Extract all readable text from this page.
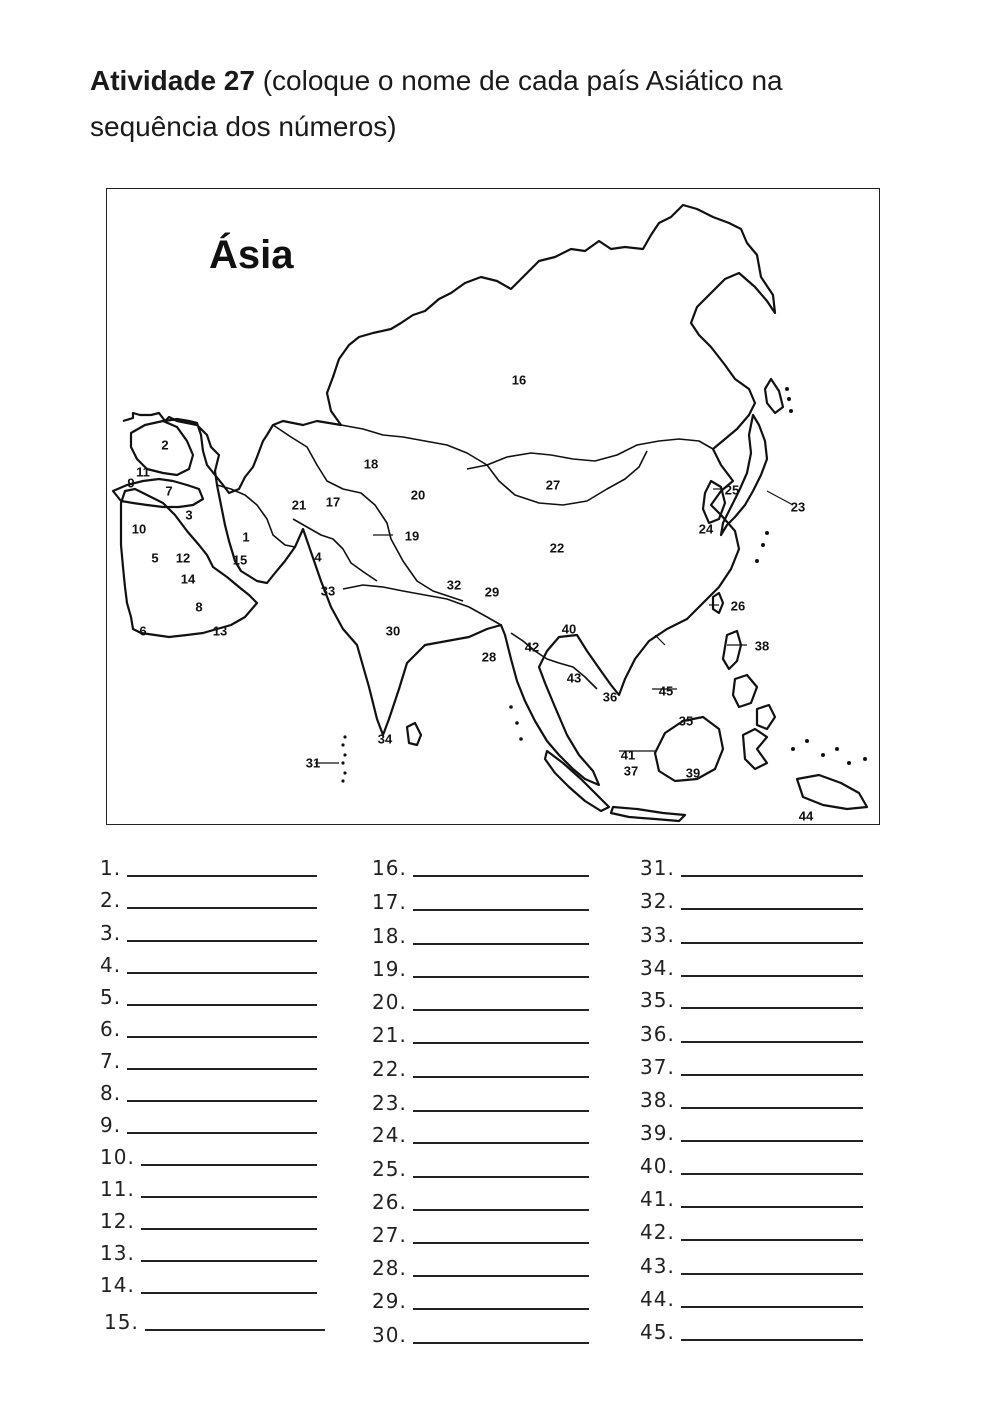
Atividade 27 (coloque o nome de cada país Asiático na sequência dos números)
Ásia
1
2
3
4
5
6
7
8
9
10
11
12
13
14
15
16
17
18
19
20
21
22
23
24
25
26
27
28
29
30
31
32
33
34
35
36
37
38
39
40
41
42
43
44
45
1.
2.
3.
4.
5.
6.
7.
8.
9.
10.
11.
12.
13.
14.
15.
16.
17.
18.
19.
20.
21.
22.
23.
24.
25.
26.
27.
28.
29.
30.
31.
32.
33.
34.
35.
36.
37.
38.
39.
40.
41.
42.
43.
44.
45.
